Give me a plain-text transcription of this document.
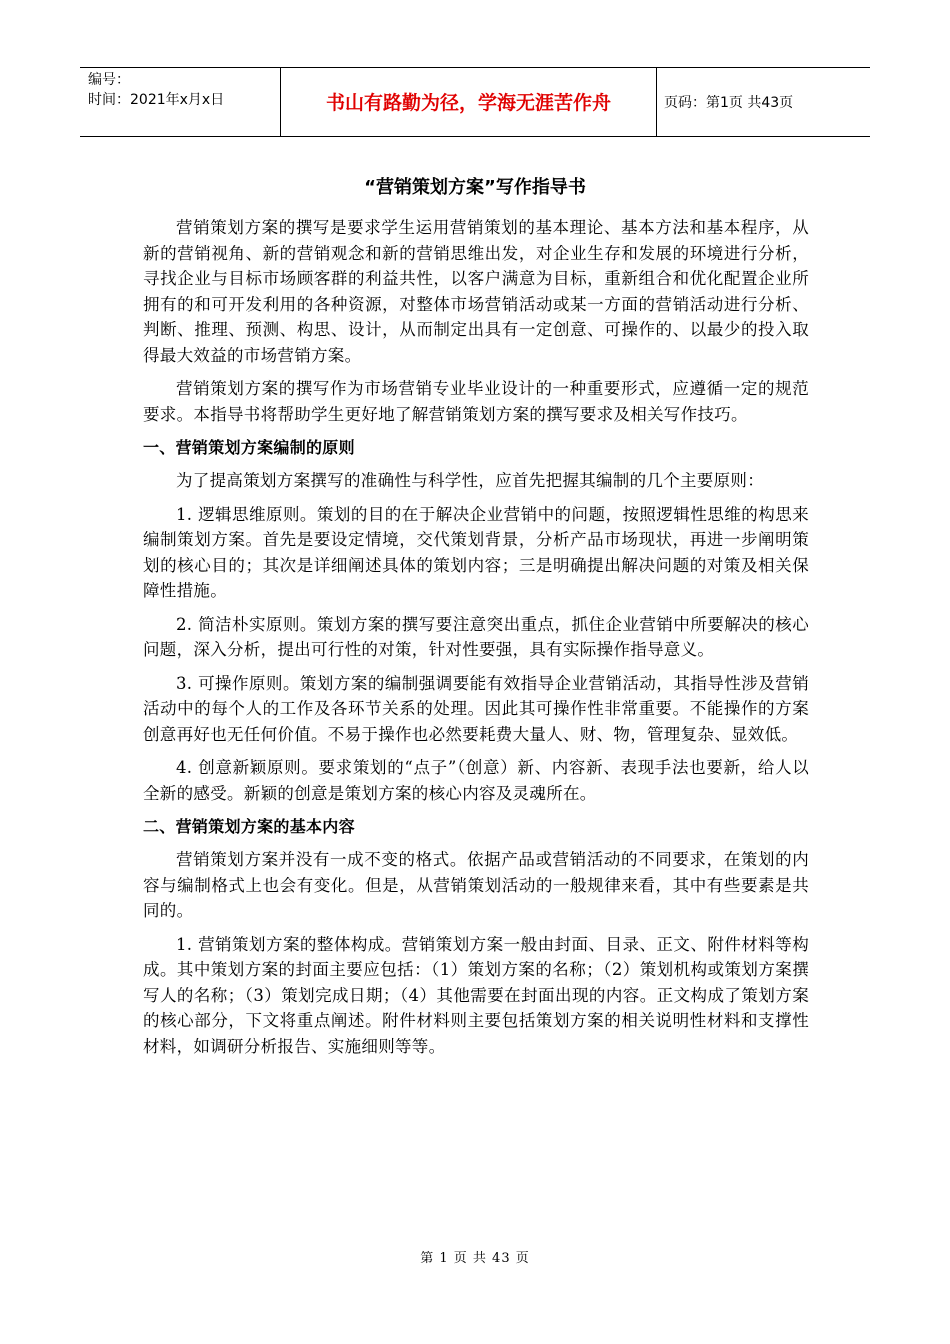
编号：
时间：2021年x月x日	书山有路勤为径，学海无涯苦作舟	页码：第1页 共43页
“营销策划方案”写作指导书

营销策划方案的撰写是要求学生运用营销策划的基本理论、基本方法和基本程序，从新的营销视角、新的营销观念和新的营销思维出发，对企业生存和发展的环境进行分析，寻找企业与目标市场顾客群的利益共性，以客户满意为目标，重新组合和优化配置企业所拥有的和可开发利用的各种资源，对整体市场营销活动或某一方面的营销活动进行分析、判断、推理、预测、构思、设计，从而制定出具有一定创意、可操作的、以最少的投入取得最大效益的市场营销方案。

营销策划方案的撰写作为市场营销专业毕业设计的一种重要形式，应遵循一定的规范要求。本指导书将帮助学生更好地了解营销策划方案的撰写要求及相关写作技巧。

一、营销策划方案编制的原则

为了提高策划方案撰写的准确性与科学性，应首先把握其编制的几个主要原则：

1. 逻辑思维原则。策划的目的在于解决企业营销中的问题，按照逻辑性思维的构思来编制策划方案。首先是要设定情境，交代策划背景，分析产品市场现状，再进一步阐明策划的核心目的；其次是详细阐述具体的策划内容；三是明确提出解决问题的对策及相关保障性措施。

2. 简洁朴实原则。策划方案的撰写要注意突出重点，抓住企业营销中所要解决的核心问题，深入分析，提出可行性的对策，针对性要强，具有实际操作指导意义。

3. 可操作原则。策划方案的编制强调要能有效指导企业营销活动，其指导性涉及营销活动中的每个人的工作及各环节关系的处理。因此其可操作性非常重要。不能操作的方案创意再好也无任何价值。不易于操作也必然要耗费大量人、财、物，管理复杂、显效低。

4. 创意新颖原则。要求策划的“点子”（创意）新、内容新、表现手法也要新，给人以全新的感受。新颖的创意是策划方案的核心内容及灵魂所在。

二、营销策划方案的基本内容

营销策划方案并没有一成不变的格式。依据产品或营销活动的不同要求，在策划的内容与编制格式上也会有变化。但是，从营销策划活动的一般规律来看，其中有些要素是共同的。

1. 营销策划方案的整体构成。营销策划方案一般由封面、目录、正文、附件材料等构成。其中策划方案的封面主要应包括：（1）策划方案的名称；（2）策划机构或策划方案撰写人的名称；（3）策划完成日期；（4）其他需要在封面出现的内容。正文构成了策划方案的核心部分，下文将重点阐述。附件材料则主要包括策划方案的相关说明性材料和支撑性材料，如调研分析报告、实施细则等等。

第 1 页 共 43 页
